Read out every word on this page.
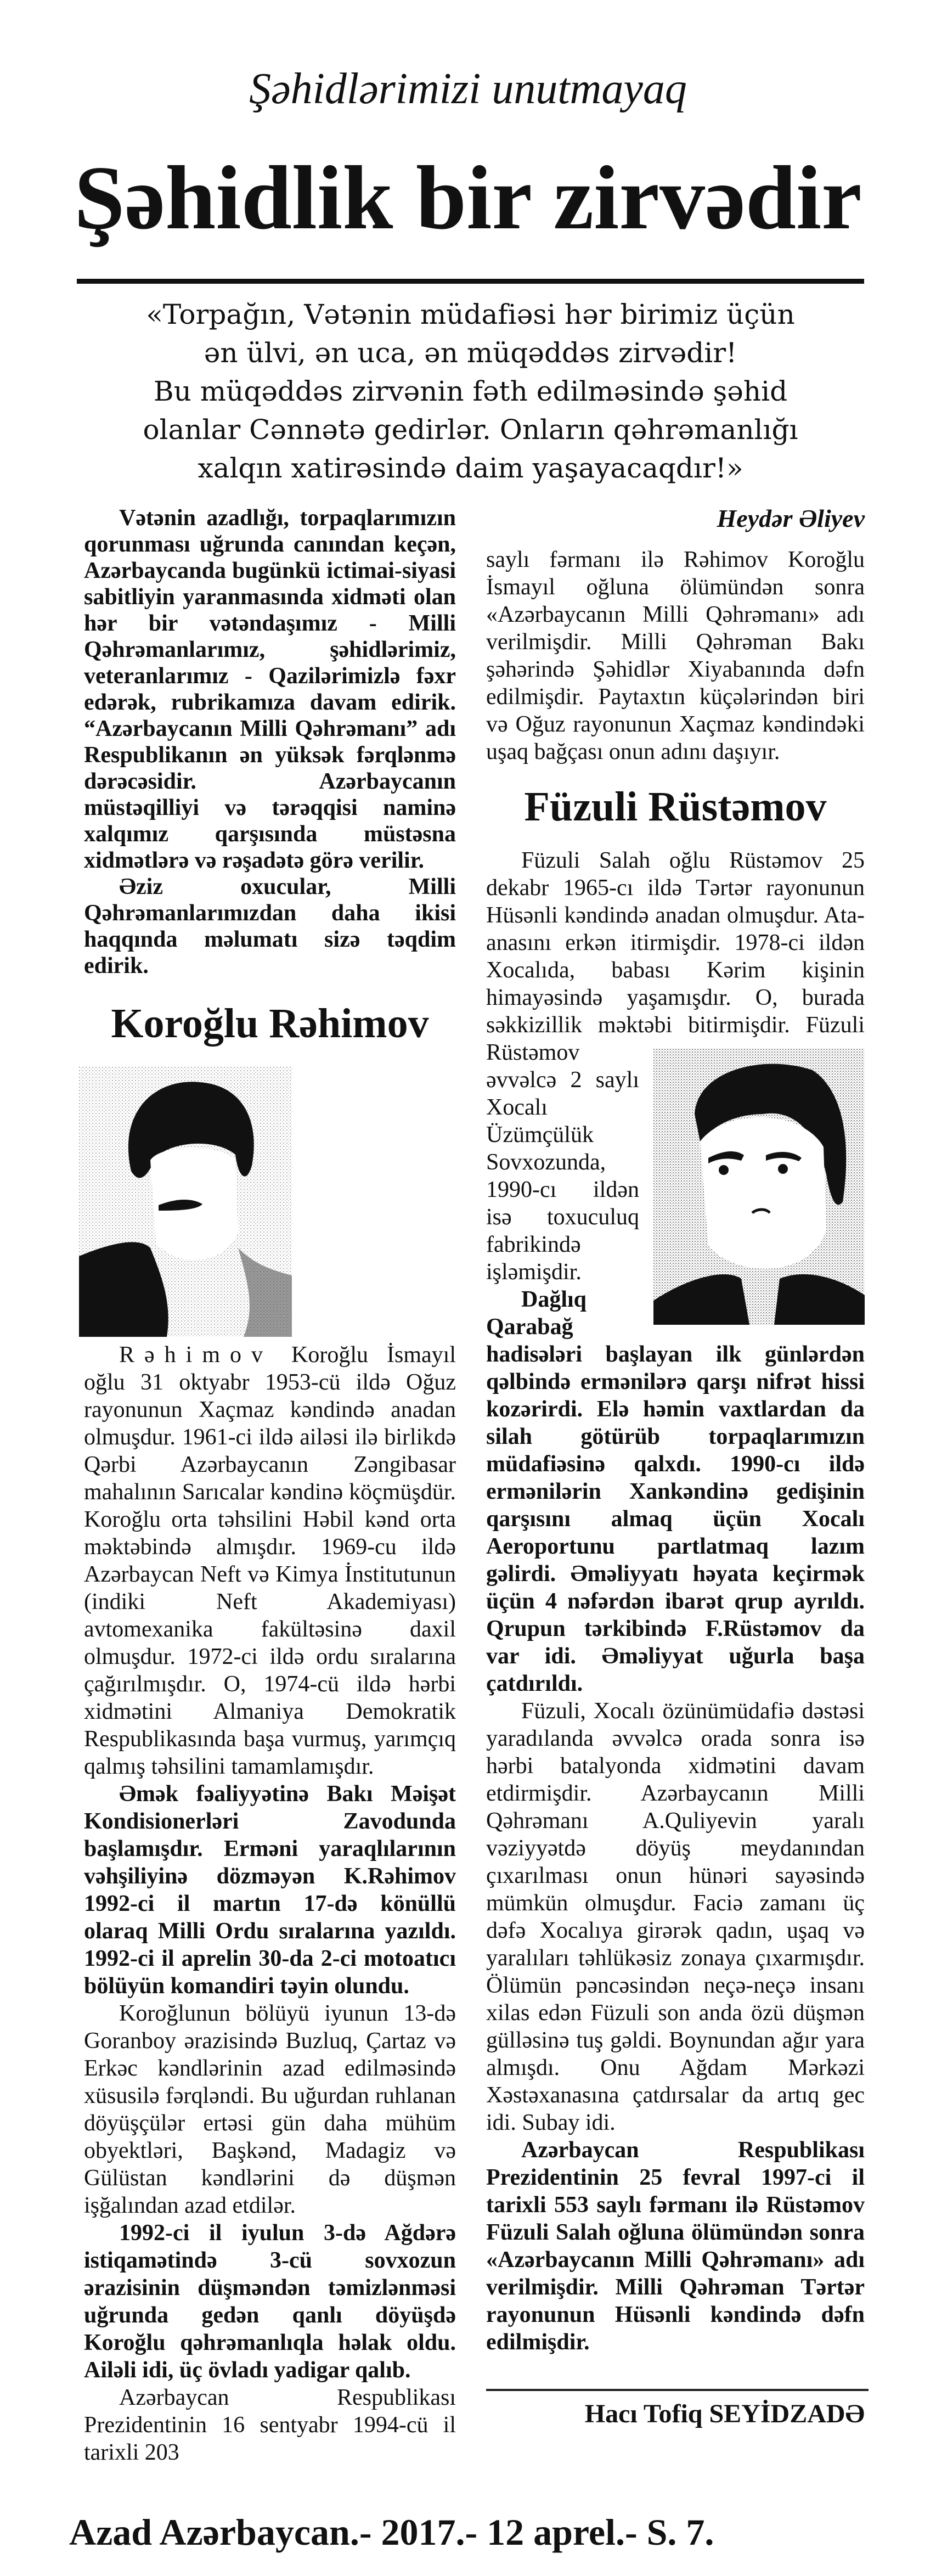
Şəhidlərimizi unutmayaq
Şəhidlik bir zirvədir
«Torpağın, Vətənin müdafiəsi hər birimiz üçün
ən ülvi, ən uca, ən müqəddəs zirvədir!
Bu müqəddəs zirvənin fəth edilməsində şəhid
olanlar Cənnətə gedirlər. Onların qəhrəmanlığı
xalqın xatirəsində daim yaşayacaqdır!»

Vətənin azadlığı, torpaqlarımızın qorunması uğrunda canından keçən, Azərbaycanda bugünkü ictimai-siyasi sabitliyin yaranmasında xidməti olan hər bir vətəndaşımız - Milli Qəhrəmanlarımız, şəhidlərimiz, veteranlarımız - Qazilərimizlə fəxr edərək, rubrikamıza davam edirik. “Azərbaycanın Milli Qəhrəmanı” adı Respublikanın ən yüksək fərqlənmə dərəcəsidir. Azərbaycanın müstəqilliyi və tərəqqisi naminə xalqımız qarşısında müstəsna xidmətlərə və rəşadətə görə verilir.

Əziz oxucular, Milli Qəhrəmanlarımızdan daha ikisi haqqında məlumatı sizə təqdim edirik.

Koroğlu Rəhimov

Rəhimov Koroğlu İsmayıl oğlu 31 oktyabr 1953-cü ildə Oğuz rayonunun Xaçmaz kəndində anadan olmuşdur. 1961-ci ildə ailəsi ilə birlikdə Qərbi Azərbaycanın Zəngibasar mahalının Sarıcalar kəndinə köçmüşdür. Koroğlu orta təhsilini Həbil kənd orta məktəbində almışdır. 1969-cu ildə Azərbaycan Neft və Kimya İnstitutunun (indiki Neft Akademiyası) avtomexanika fakültəsinə daxil olmuşdur. 1972-ci ildə ordu sıralarına çağırılmışdır. O, 1974-cü ildə hərbi xidmətini Almaniya Demokratik Respublikasında başa vurmuş, yarımçıq qalmış təhsilini tamamlamışdır.

Əmək fəaliyyətinə Bakı Məişət Kondisionerləri Zavodunda başlamışdır. Erməni yaraqlılarının vəhşiliyinə dözməyən K.Rəhimov 1992-ci il martın 17-də könüllü olaraq Milli Ordu sıralarına yazıldı. 1992-ci il aprelin 30-da 2-ci motoatıcı bölüyün komandiri təyin olundu.

Koroğlunun bölüyü iyunun 13-də Goranboy ərazisində Buzluq, Çartaz və Erkəc kəndlərinin azad edilməsində xüsusilə fərqləndi. Bu uğurdan ruhlanan döyüşçülər ertəsi gün daha mühüm obyektləri, Başkənd, Madagiz və Gülüstan kəndlərini də düşmən işğalından azad etdilər.

1992-ci il iyulun 3-də Ağdərə istiqamətində 3-cü sovxozun ərazisinin düşməndən təmizlənməsi uğrunda gedən qanlı döyüşdə Koroğlu qəhrəmanlıqla həlak oldu. Ailəli idi, üç övladı yadigar qalıb.

Azərbaycan Respublikası Prezidentinin 16 sentyabr 1994-cü il tarixli 203

Heydər Əliyev

saylı fərmanı ilə Rəhimov Koroğlu İsmayıl oğluna ölümündən sonra «Azərbaycanın Milli Qəhrəmanı» adı verilmişdir. Milli Qəhrəman Bakı şəhərində Şəhidlər Xiyabanında dəfn edilmişdir. Paytaxtın küçələrindən biri və Oğuz rayonunun Xaçmaz kəndindəki uşaq bağçası onun adını daşıyır.

Füzuli Rüstəmov

Füzuli Salah oğlu Rüstəmov 25 dekabr 1965-cı ildə Tərtər rayonunun Hüsənli kəndində anadan olmuşdur. Ata-anasını erkən itirmişdir. 1978-ci ildən Xocalıda, babası Kərim kişinin himayəsində yaşamışdır. O, burada səkkizillik məktəbi bitirmişdir. Füzuli Rüstəmov əvvəlcə 2 saylı Xocalı Üzümçülük Sovxozunda, 1990-cı ildən isə toxuculuq fabrikində işləmişdir.

Dağlıq Qarabağ hadisələri başlayan ilk günlərdən qəlbində ermənilərə qarşı nifrət hissi kozərirdi. Elə həmin vaxtlardan da silah götürüb torpaqlarımızın müdafiəsinə qalxdı. 1990-cı ildə ermənilərin Xankəndinə gedişinin qarşısını almaq üçün Xocalı Aeroportunu partlatmaq lazım gəlirdi. Əməliyyatı həyata keçirmək üçün 4 nəfərdən ibarət qrup ayrıldı. Qrupun tərkibində F.Rüstəmov da var idi. Əməliyyat uğurla başa çatdırıldı.

Füzuli, Xocalı özünümüdafiə dəstəsi yaradılanda əvvəlcə orada sonra isə hərbi batalyonda xidmətini davam etdirmişdir. Azərbaycanın Milli Qəhrəmanı A.Quliyevin yaralı vəziyyətdə döyüş meydanından çıxarılması onun hünəri sayəsində mümkün olmuşdur. Faciə zamanı üç dəfə Xocalıya girərək qadın, uşaq və yaralıları təhlükəsiz zonaya çıxarmışdır. Ölümün pəncəsindən neçə-neçə insanı xilas edən Füzuli son anda özü düşmən gülləsinə tuş gəldi. Boynundan ağır yara almışdı. Onu Ağdam Mərkəzi Xəstəxanasına çatdırsalar da artıq gec idi. Subay idi.

Azərbaycan Respublikası Prezidentinin 25 fevral 1997-ci il tarixli 553 saylı fərmanı ilə Rüstəmov Füzuli Salah oğluna ölümündən sonra «Azərbaycanın Milli Qəhrəmanı» adı verilmişdir. Milli Qəhrəman Tərtər rayonunun Hüsənli kəndində dəfn edilmişdir.

Hacı Tofiq SEYİDZADƏ
Azad Azərbaycan.- 2017.- 12 aprel.- S. 7.
